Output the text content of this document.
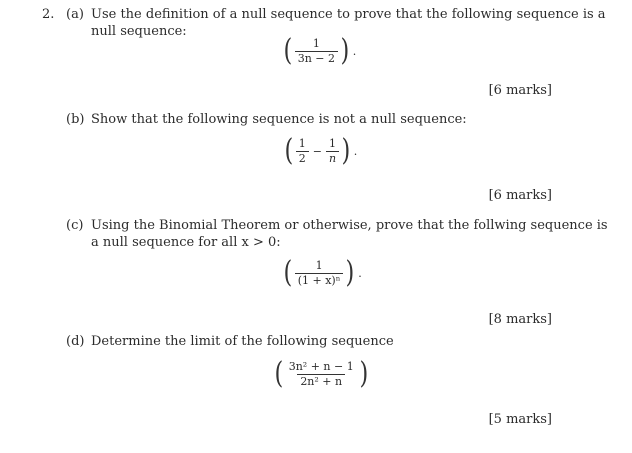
2. (a) Use the definition of a null sequence to prove that the following sequence is a
null sequence:
( $\frac{1}{3n - 2}$ ) .
[6 marks]
(b) Show that the following sequence is not a null sequence:
( $\frac{1}{2} - \frac{1}{n}$ ) .
[6 marks]
(c) Using the Binomial Theorem or otherwise, prove that the follwing sequence is
a null sequence for all x > 0:
( $\frac{1}{\text{(1 + x)ⁿ}}$ ) .
[8 marks]
(d) Determine the limit of the following sequence
( $\frac{\text{3n² + n − 1}}{\text{2n² + n}}$ )
[5 marks]
